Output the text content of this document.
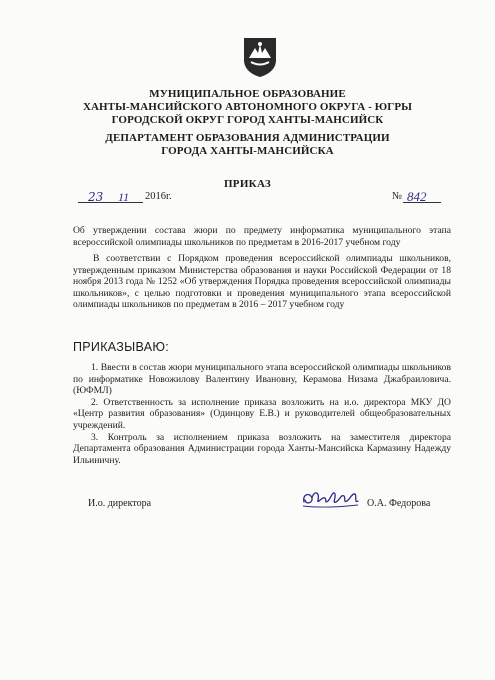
МУНИЦИПАЛЬНОЕ ОБРАЗОВАНИЕ
ХАНТЫ-МАНСИЙСКОГО АВТОНОМНОГО ОКРУГА - ЮГРЫ
ГОРОДСКОЙ ОКРУГ ГОРОД ХАНТЫ-МАНСИЙСК
ДЕПАРТАМЕНТ ОБРАЗОВАНИЯ АДМИНИСТРАЦИИ
ГОРОДА ХАНТЫ-МАНСИЙСКА
ПРИКАЗ
23 11 2016г.	№ 842
Об утверждении состава жюри по предмету информатика муниципального этапа всероссийской олимпиады школьников по предметам в 2016-2017 учебном году
В соответствии с Порядком проведения всероссийской олимпиады школьников, утвержденным приказом Министерства образования и науки Российской Федерации от 18 ноября 2013 года № 1252 «Об утверждения Порядка проведения всероссийской олимпиады школьников», с целью подготовки и проведения муниципального этапа всероссийской олимпиады школьников по предметам в 2016 – 2017 учебном году
ПРИКАЗЫВАЮ:

1. Ввести в состав жюри муниципального этапа всероссийской олимпиады школьников по информатике Новожилову Валентину Ивановну, Керамова Низама Джабраиловича. (ЮФМЛ)

2. Ответственность за исполнение приказа возложить на и.о. директора МКУ ДО «Центр развития образования» (Одинцову Е.В.) и руководителей общеобразовательных учреждений.

3. Контроль за исполнением приказа возложить на заместителя директора Департамента образования Администрации города Ханты-Мансийска Кармазину Надежду Ильиничну.

И.о. директора	О.А. Федорова
